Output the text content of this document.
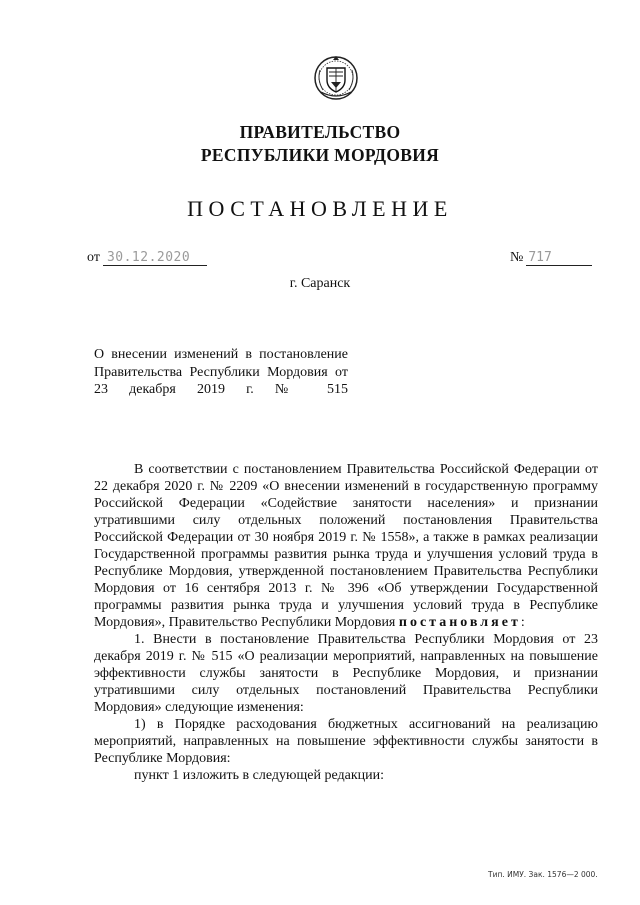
ПРАВИТЕЛЬСТВО
РЕСПУБЛИКИ МОРДОВИЯ
ПОСТАНОВЛЕНИЕ
от 30.12.2020	№ 717
г. Саранск
О внесении изменений в постановление Правительства Республики Мордовия от 23 декабря 2019 г. № 515

В соответствии с постановлением Правительства Российской Федерации от 22 декабря 2020 г. № 2209 «О внесении изменений в государственную программу Российской Федерации «Содействие занятости населения» и признании утратившими силу отдельных положений постановления Правительства Российской Федерации от 30 ноября 2019 г. № 1558», а также в рамках реализации Государственной программы развития рынка труда и улучшения условий труда в Республике Мордовия, утвержденной постановлением Правительства Республики Мордовия от 16 сентября 2013 г. № 396 «Об утверждении Государственной программы развития рынка труда и улучшения условий труда в Республике Мордовия», Правительство Республики Мордовия постановляет:

1. Внести в постановление Правительства Республики Мордовия от 23 декабря 2019 г. № 515 «О реализации мероприятий, направленных на повышение эффективности службы занятости в Республике Мордовия, и признании утратившими силу отдельных постановлений Правительства Республики Мордовия» следующие изменения:

1) в Порядке расходования бюджетных ассигнований на реализацию мероприятий, направленных на повышение эффективности службы занятости в Республике Мордовия:

пункт 1 изложить в следующей редакции:

Тип. ИМУ. Зак. 1576—2 000.
